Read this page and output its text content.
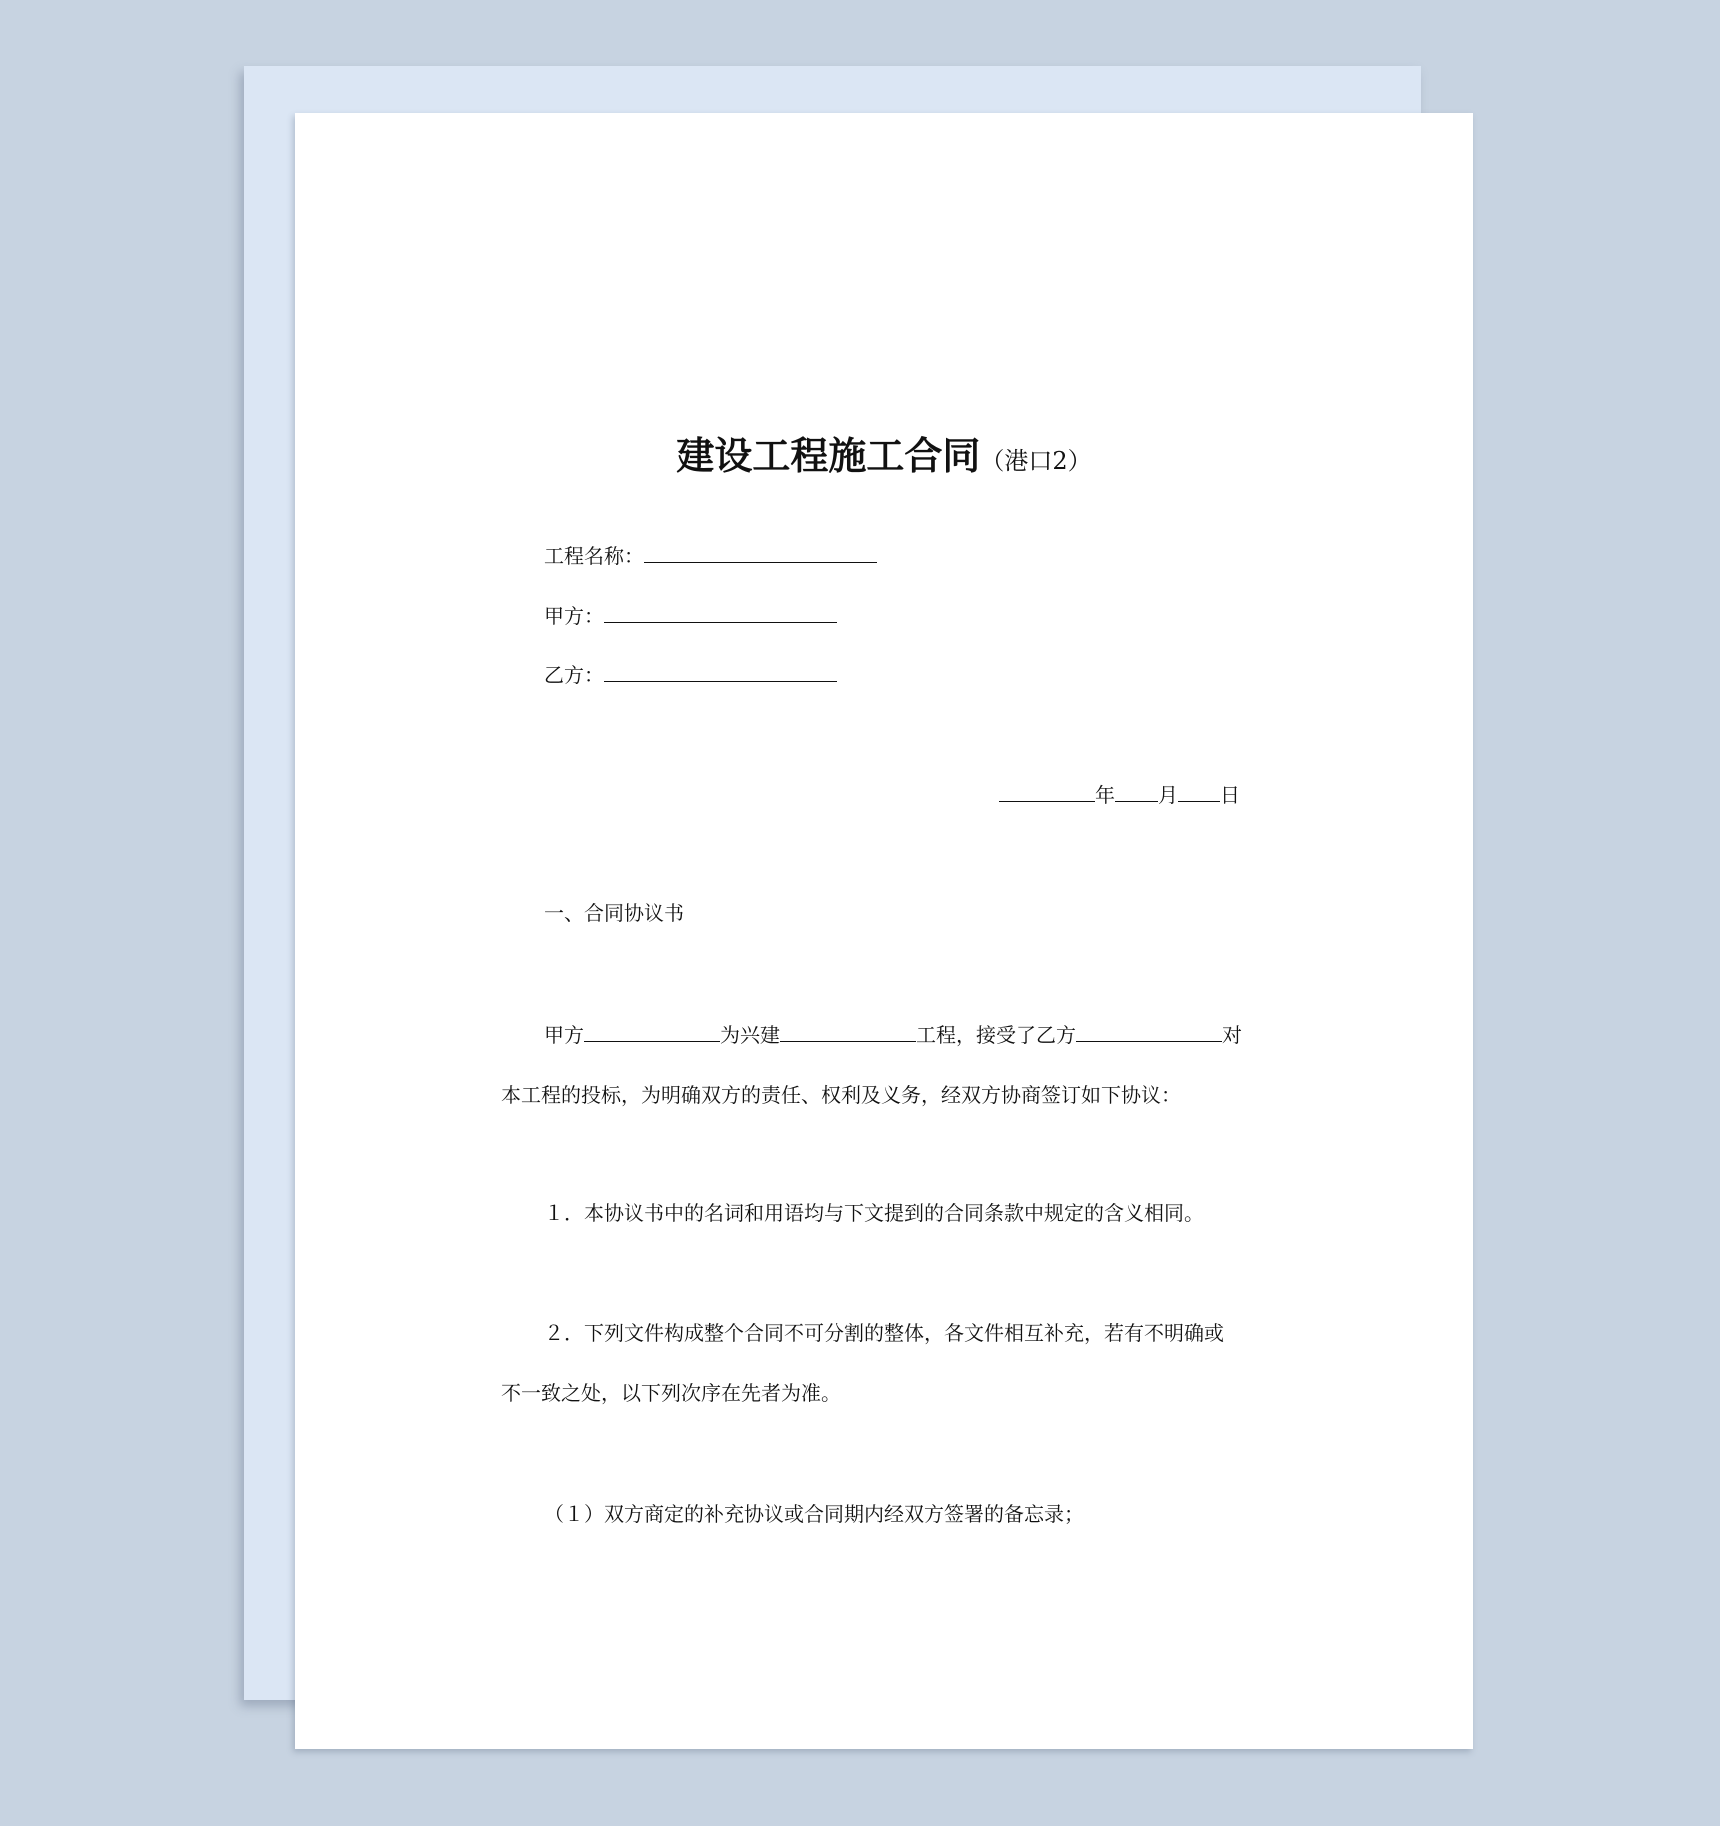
建设工程施工合同（港口2）
工程名称：
甲方：
乙方：
年 月 日
一、合同协议书
甲方	为兴建	工程，接受了乙方	对
本工程的投标，为明确双方的责任、权利及义务，经双方协商签订如下协议：
１．本协议书中的名词和用语均与下文提到的合同条款中规定的含义相同。
２．下列文件构成整个合同不可分割的整体，各文件相互补充，若有不明确或
不一致之处，以下列次序在先者为准。
（１）双方商定的补充协议或合同期内经双方签署的备忘录；
